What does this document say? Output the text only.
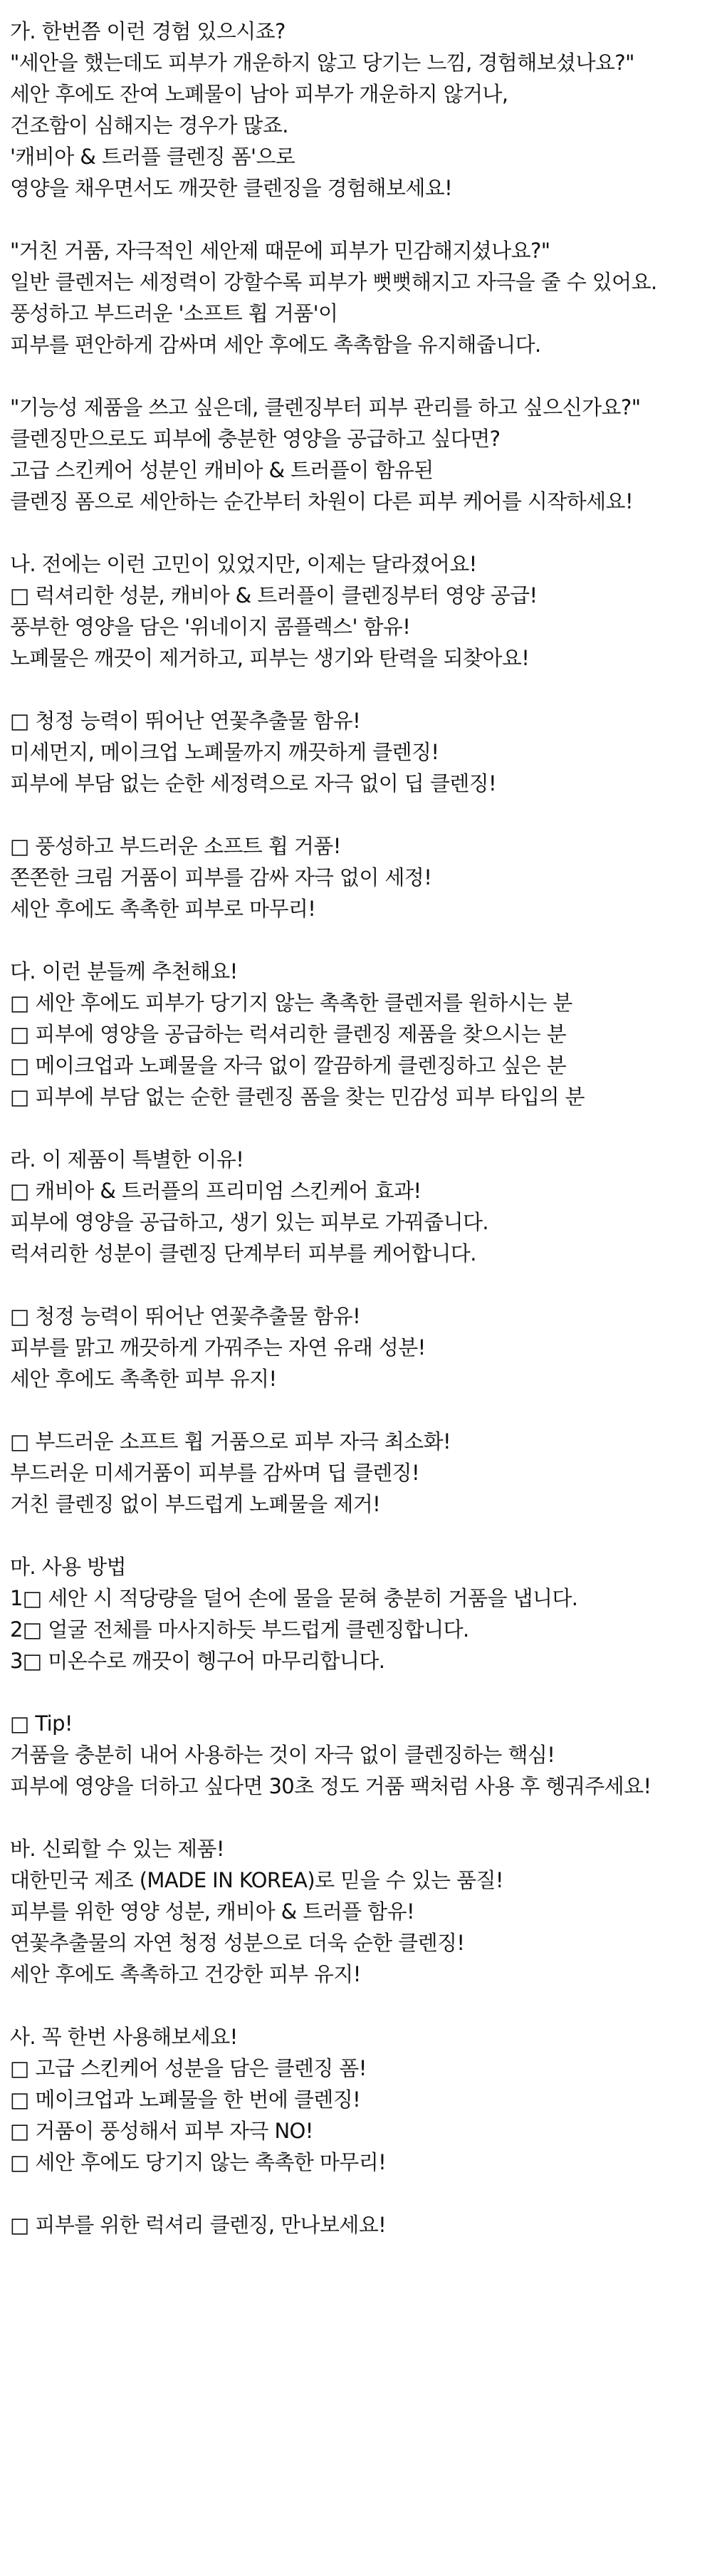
가. 한번쯤 이런 경험 있으시죠?
"세안을 했는데도 피부가 개운하지 않고 당기는 느낌, 경험해보셨나요?"
세안 후에도 잔여 노폐물이 남아 피부가 개운하지 않거나,
건조함이 심해지는 경우가 많죠.
'캐비아 & 트러플 클렌징 폼'으로
영양을 채우면서도 깨끗한 클렌징을 경험해보세요!
"거친 거품, 자극적인 세안제 때문에 피부가 민감해지셨나요?"
일반 클렌저는 세정력이 강할수록 피부가 뻣뻣해지고 자극을 줄 수 있어요.
풍성하고 부드러운 '소프트 휩 거품'이
피부를 편안하게 감싸며 세안 후에도 촉촉함을 유지해줍니다.
"기능성 제품을 쓰고 싶은데, 클렌징부터 피부 관리를 하고 싶으신가요?"
클렌징만으로도 피부에 충분한 영양을 공급하고 싶다면?
고급 스킨케어 성분인 캐비아 & 트러플이 함유된
클렌징 폼으로 세안하는 순간부터 차원이 다른 피부 케어를 시작하세요!
나. 전에는 이런 고민이 있었지만, 이제는 달라졌어요!
□ 럭셔리한 성분, 캐비아 & 트러플이 클렌징부터 영양 공급!
풍부한 영양을 담은 '위네이지 콤플렉스' 함유!
노폐물은 깨끗이 제거하고, 피부는 생기와 탄력을 되찾아요!
□ 청정 능력이 뛰어난 연꽃추출물 함유!
미세먼지, 메이크업 노폐물까지 깨끗하게 클렌징!
피부에 부담 없는 순한 세정력으로 자극 없이 딥 클렌징!
□ 풍성하고 부드러운 소프트 휩 거품!
쫀쫀한 크림 거품이 피부를 감싸 자극 없이 세정!
세안 후에도 촉촉한 피부로 마무리!
다. 이런 분들께 추천해요!
□ 세안 후에도 피부가 당기지 않는 촉촉한 클렌저를 원하시는 분
□ 피부에 영양을 공급하는 럭셔리한 클렌징 제품을 찾으시는 분
□ 메이크업과 노폐물을 자극 없이 깔끔하게 클렌징하고 싶은 분
□ 피부에 부담 없는 순한 클렌징 폼을 찾는 민감성 피부 타입의 분
라. 이 제품이 특별한 이유!
□ 캐비아 & 트러플의 프리미엄 스킨케어 효과!
피부에 영양을 공급하고, 생기 있는 피부로 가꿔줍니다.
럭셔리한 성분이 클렌징 단계부터 피부를 케어합니다.
□ 청정 능력이 뛰어난 연꽃추출물 함유!
피부를 맑고 깨끗하게 가꿔주는 자연 유래 성분!
세안 후에도 촉촉한 피부 유지!
□ 부드러운 소프트 휩 거품으로 피부 자극 최소화!
부드러운 미세거품이 피부를 감싸며 딥 클렌징!
거친 클렌징 없이 부드럽게 노폐물을 제거!
마. 사용 방법
1□ 세안 시 적당량을 덜어 손에 물을 묻혀 충분히 거품을 냅니다.
2□ 얼굴 전체를 마사지하듯 부드럽게 클렌징합니다.
3□ 미온수로 깨끗이 헹구어 마무리합니다.
□ Tip!
거품을 충분히 내어 사용하는 것이 자극 없이 클렌징하는 핵심!
피부에 영양을 더하고 싶다면 30초 정도 거품 팩처럼 사용 후 헹궈주세요!
바. 신뢰할 수 있는 제품!
대한민국 제조 (MADE IN KOREA)로 믿을 수 있는 품질!
피부를 위한 영양 성분, 캐비아 & 트러플 함유!
연꽃추출물의 자연 청정 성분으로 더욱 순한 클렌징!
세안 후에도 촉촉하고 건강한 피부 유지!
사. 꼭 한번 사용해보세요!
□ 고급 스킨케어 성분을 담은 클렌징 폼!
□ 메이크업과 노폐물을 한 번에 클렌징!
□ 거품이 풍성해서 피부 자극 NO!
□ 세안 후에도 당기지 않는 촉촉한 마무리!
□ 피부를 위한 럭셔리 클렌징, 만나보세요!
